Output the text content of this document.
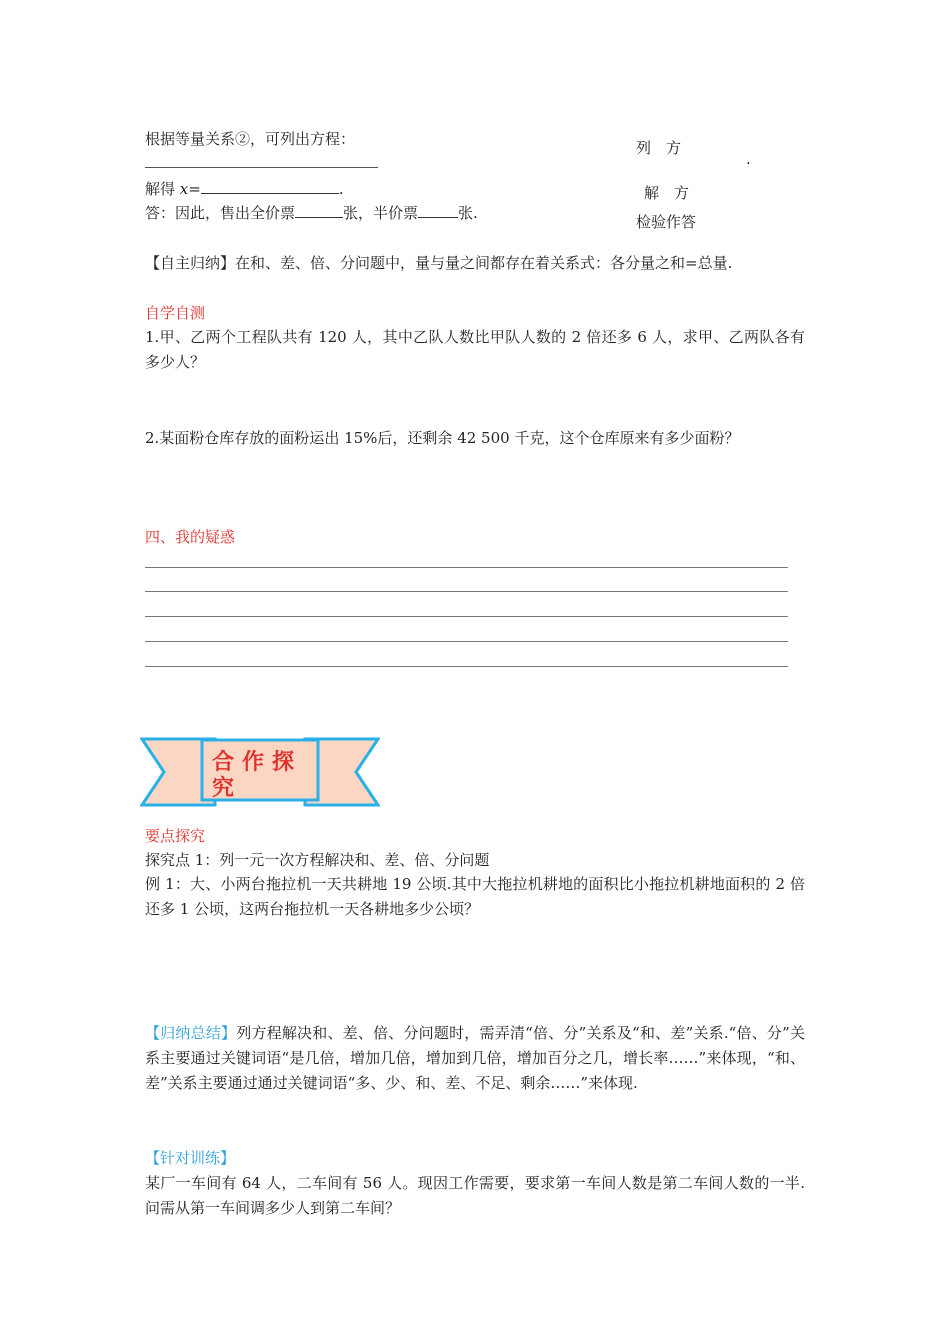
根据等量关系②，可列出方程：
解得 x=	.
答：因此，售出全价票	张，半价票	张.
列　方
.
解　方
检验作答
【自主归纳】在和、差、倍、分问题中，量与量之间都存在着关系式：各分量之和=总量.
自学自测
1.甲、乙两个工程队共有 120 人，其中乙队人数比甲队人数的 2 倍还多 6 人，求甲、乙两队各有多少人？
2.某面粉仓库存放的面粉运出 15%后，还剩余 42 500 千克，这个仓库原来有多少面粉？
四、我的疑惑
合作探究
要点探究
探究点 1：列一元一次方程解决和、差、倍、分问题
例 1：大、小两台拖拉机一天共耕地 19 公顷.其中大拖拉机耕地的面积比小拖拉机耕地面积的 2 倍还多 1 公顷，这两台拖拉机一天各耕地多少公顷？
【归纳总结】列方程解决和、差、倍、分问题时，需弄清“倍、分”关系及“和、差”关系.“倍、分”关系主要通过关键词语“是几倍，增加几倍，增加到几倍，增加百分之几，增长率……”来体现，“和、差”关系主要通过通过关键词语“多、少、和、差、不足、剩余……”来体现.
【针对训练】
某厂一车间有 64 人，二车间有 56 人。现因工作需要，要求第一车间人数是第二车间人数的一半.问需从第一车间调多少人到第二车间？
